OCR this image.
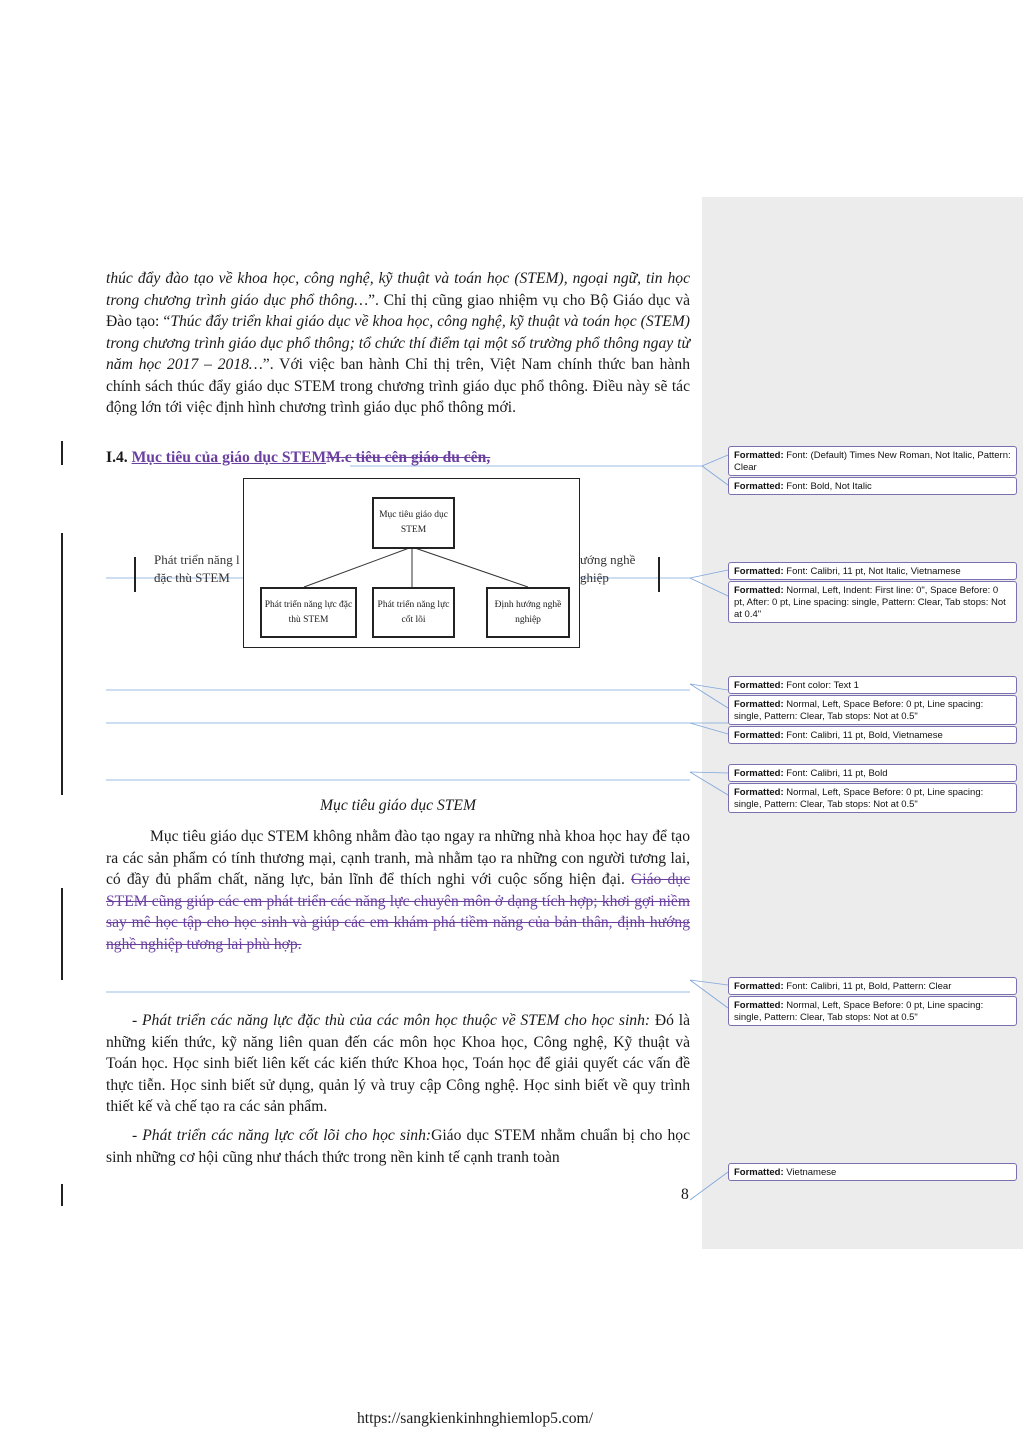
thúc đẩy đào tạo về khoa học, công nghệ, kỹ thuật và toán học (STEM), ngoại ngữ, tin học trong chương trình giáo dục phổ thông…”. Chỉ thị cũng giao nhiệm vụ cho Bộ Giáo dục và Đào tạo: “Thúc đẩy triển khai giáo dục về khoa học, công nghệ, kỹ thuật và toán học (STEM) trong chương trình giáo dục phổ thông; tổ chức thí điểm tại một số trường phổ thông ngay từ năm học 2017 – 2018…”. Với việc ban hành Chỉ thị trên, Việt Nam chính thức ban hành chính sách thúc đẩy giáo dục STEM trong chương trình giáo dục phổ thông. Điều này sẽ tác động lớn tới việc định hình chương trình giáo dục phổ thông mới.
I.4. Mục tiêu của giáo dục STEMM.c tiêu cên giáo du cên,
Phát triển năng l
đặc thù STEM
ướng nghề
ghiệp
Mục tiêu giáo dục STEM
Phát triển năng lực đặc thù STEM
Phát triển năng lực cốt lõi
Định hướng nghề nghiệp
Mục tiêu giáo dục STEM
Mục tiêu giáo dục STEM không nhằm đào tạo ngay ra những nhà khoa học hay để tạo ra các sản phẩm có tính thương mại, cạnh tranh, mà nhằm tạo ra những con người tương lai, có đầy đủ phẩm chất, năng lực, bản lĩnh để thích nghi với cuộc sống hiện đại. Giáo dục STEM cũng giúp các em phát triển các năng lực chuyên môn ở dạng tích hợp; khơi gợi niềm say mê học tập cho học sinh và giúp các em khám phá tiềm năng của bản thân, định hướng nghề nghiệp tương lai phù hợp.
- Phát triển các năng lực đặc thù của các môn học thuộc về STEM cho học sinh: Đó là những kiến thức, kỹ năng liên quan đến các môn học Khoa học, Công nghệ, Kỹ thuật và Toán học. Học sinh biết liên kết các kiến thức Khoa học, Toán học để giải quyết các vấn đề thực tiễn. Học sinh biết sử dụng, quản lý và truy cập Công nghệ. Học sinh biết về quy trình thiết kế và chế tạo ra các sản phẩm.
- Phát triển các năng lực cốt lõi cho học sinh:Giáo dục STEM nhằm chuẩn bị cho học sinh những cơ hội cũng như thách thức trong nền kinh tế cạnh tranh toàn
8
Formatted: Font: (Default) Times New Roman, Not Italic, Pattern: Clear
Formatted: Font: Bold, Not Italic
Formatted: Font: Calibri, 11 pt, Not Italic, Vietnamese
Formatted: Normal, Left, Indent: First line: 0", Space Before: 0 pt, After: 0 pt, Line spacing: single, Pattern: Clear, Tab stops: Not at 0.4"
Formatted: Font color: Text 1
Formatted: Normal, Left, Space Before: 0 pt, Line spacing: single, Pattern: Clear, Tab stops: Not at 0.5"
Formatted: Font: Calibri, 11 pt, Bold, Vietnamese
Formatted: Font: Calibri, 11 pt, Bold
Formatted: Normal, Left, Space Before: 0 pt, Line spacing: single, Pattern: Clear, Tab stops: Not at 0.5"
Formatted: Font: Calibri, 11 pt, Bold, Pattern: Clear
Formatted: Normal, Left, Space Before: 0 pt, Line spacing: single, Pattern: Clear, Tab stops: Not at 0.5"
Formatted: Vietnamese
https://sangkienkinhnghiemlop5.com/
